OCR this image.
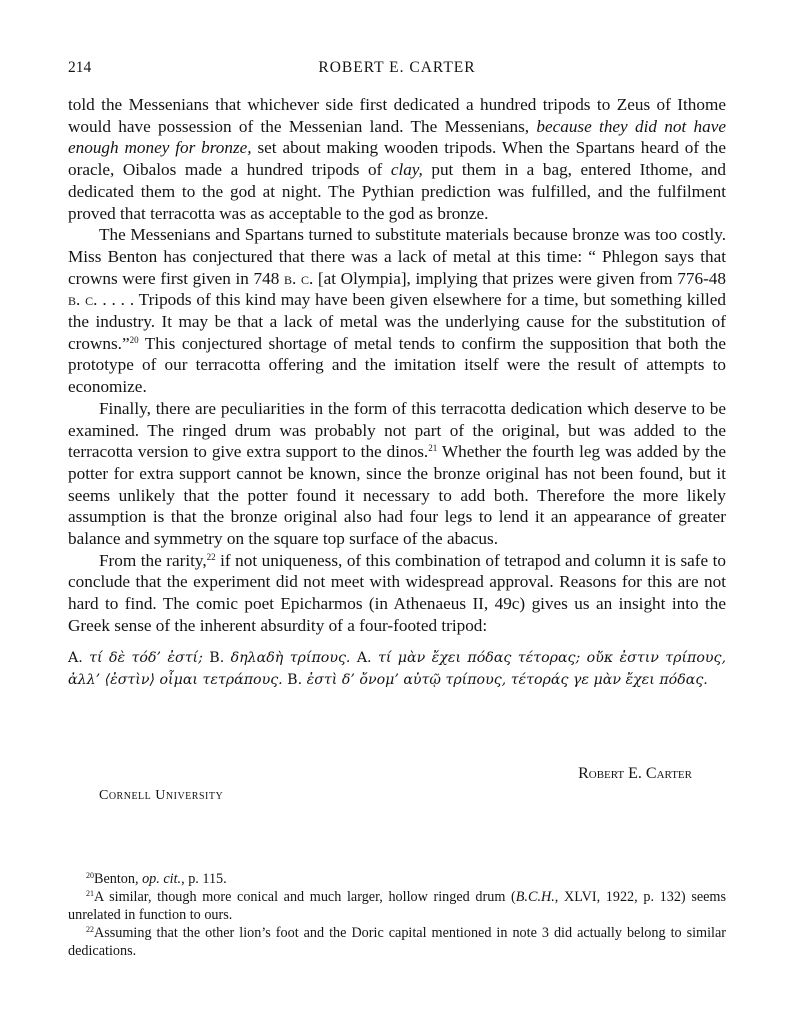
214	ROBERT E. CARTER

told the Messenians that whichever side first dedicated a hundred tripods to Zeus of Ithome would have possession of the Messenian land. The Messenians, because they did not have enough money for bronze, set about making wooden tripods. When the Spartans heard of the oracle, Oibalos made a hundred tripods of clay, put them in a bag, entered Ithome, and dedicated them to the god at night. The Pythian prediction was fulfilled, and the fulfilment proved that terracotta was as acceptable to the god as bronze.

The Messenians and Spartans turned to substitute materials because bronze was too costly. Miss Benton has conjectured that there was a lack of metal at this time: “ Phlegon says that crowns were first given in 748 b. c. [at Olympia], implying that prizes were given from 776-48 b. c. . . . . Tripods of this kind may have been given elsewhere for a time, but something killed the industry. It may be that a lack of metal was the underlying cause for the substitution of crowns.”$^{20}$ This conjectured shortage of metal tends to confirm the supposition that both the prototype of our terracotta offering and the imitation itself were the result of attempts to economize.

Finally, there are peculiarities in the form of this terracotta dedication which deserve to be examined. The ringed drum was probably not part of the original, but was added to the terracotta version to give extra support to the dinos.$^{21}$ Whether the fourth leg was added by the potter for extra support cannot be known, since the bronze original has not been found, but it seems unlikely that the potter found it necessary to add both. Therefore the more likely assumption is that the bronze original also had four legs to lend it an appearance of greater balance and symmetry on the square top surface of the abacus.

From the rarity,$^{22}$ if not uniqueness, of this combination of tetrapod and column it is safe to conclude that the experiment did not meet with widespread approval. Reasons for this are not hard to find. The comic poet Epicharmos (in Athenaeus II, 49c) gives us an insight into the Greek sense of the inherent absurdity of a four-footed tripod:

A. τί δὲ τόδ’ ἐστί; B. δηλαδὴ τρίπους. A. τί μὰν ἔχει πόδας τέτορας; οὔκ ἐστιν τρίπους, ἀλλ’ ⟨ἐστὶν⟩ οἶμαι τετράπους. B. ἐστὶ δ’ ὄνομ’ αὐτῷ τρίπους, τέτοράς γε μὰν ἔχει πόδας.

Robert E. Carter
Cornell University

$^{20}$Benton, op. cit., p. 115.

$^{21}$A similar, though more conical and much larger, hollow ringed drum (B.C.H., XLVI, 1922, p. 132) seems unrelated in function to ours.

$^{22}$Assuming that the other lion’s foot and the Doric capital mentioned in note 3 did actually belong to similar dedications.
